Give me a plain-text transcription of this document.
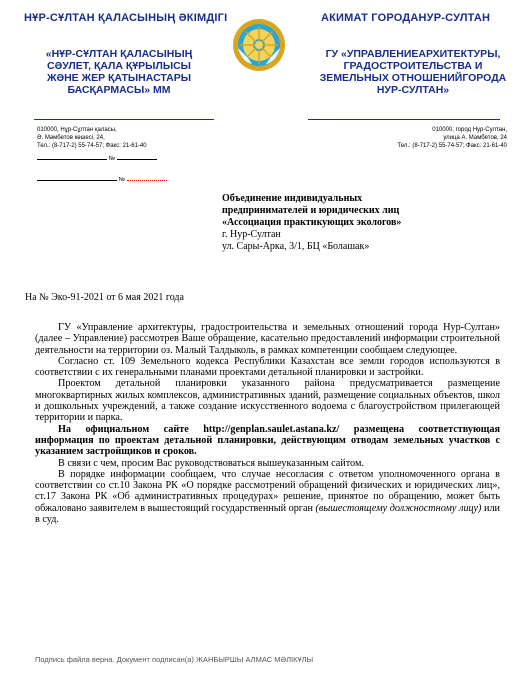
НҰР-СҰЛТАН ҚАЛАСЫНЫҢ ӘКІМДІГІ	АКИМАТ ГОРОДАНУР-СУЛТАН
«НҰР-СҰЛТАН ҚАЛАСЫНЫҢ
СӘУЛЕТ, ҚАЛА ҚҰРЫЛЫСЫ
ЖӘНЕ ЖЕР ҚАТЫНАСТАРЫ
БАСҚАРМАСЫ» ММ
ГУ «УПРАВЛЕНИЕАРХИТЕКТУРЫ,
ГРАДОСТРОИТЕЛЬСТВА И
ЗЕМЕЛЬНЫХ ОТНОШЕНИЙГОРОДА
НУР-СУЛТАН»
010000, Нұр-Сұлтан қаласы,
Ә. Мәмбетов көшесі, 24,
Тел.: (8-717-2) 55-74-57; Факс: 21-61-40
010000, город Нур-Султан,
улица А. Мамбетов, 24
Тел.: (8-717-2) 55-74-57; Факс: 21-61-40
№
№
Объединение индивидуальных
предпринимателей и юридических лиц
«Ассоциация практикующих экологов»
г. Нур-Султан
ул. Сары-Арка, 3/1, БЦ «Болашак»
На № Эко-91-2021 от 6 мая 2021 года

ГУ «Управление архитектуры, градостроительства и земельных отношений города Нур-Султан» (далее – Управление) рассмотрев Ваше обращение, касательно предоставлений информации строительной деятельности на территории оз. Малый Талдыколь, в рамках компетенции сообщаем следующее.

Согласно ст. 109 Земельного кодекса Республики Казахстан все земли городов используются в соответствии с их генеральными планами проектами детальной планировки и застройки.

Проектом детальной планировки указанного района предусматривается размещение многоквартирных жилых комплексов, административных зданий, размещение социальных объектов, школ и дошкольных учреждений, а также создание искусственного водоема с благоустройством прилегающей территории и парка.

На официальном сайте http://genplan.saulet.astana.kz/ размещена соответствующая информация по проектам детальной планировки, действующим отводам земельных участков с указанием застройщиков и сроков.

В связи с чем, просим Вас руководствоваться вышеуказанным сайтом.

В порядке информации сообщаем, что случае несогласия с ответом уполномоченного органа в соответствии со ст.10 Закона РК «О порядке рассмотрений обращений физических и юридических лиц», ст.17 Закона РК «Об административных процедурах» решение, принятое по обращению, может быть обжаловано заявителем в вышестоящий государственный орган (вышестоящему должностному лицу) или в суд.

Подпись файла верна. Документ подписан(а) ЖАНБЫРШЫ АЛМАС МӘЛІКҰЛЫ
